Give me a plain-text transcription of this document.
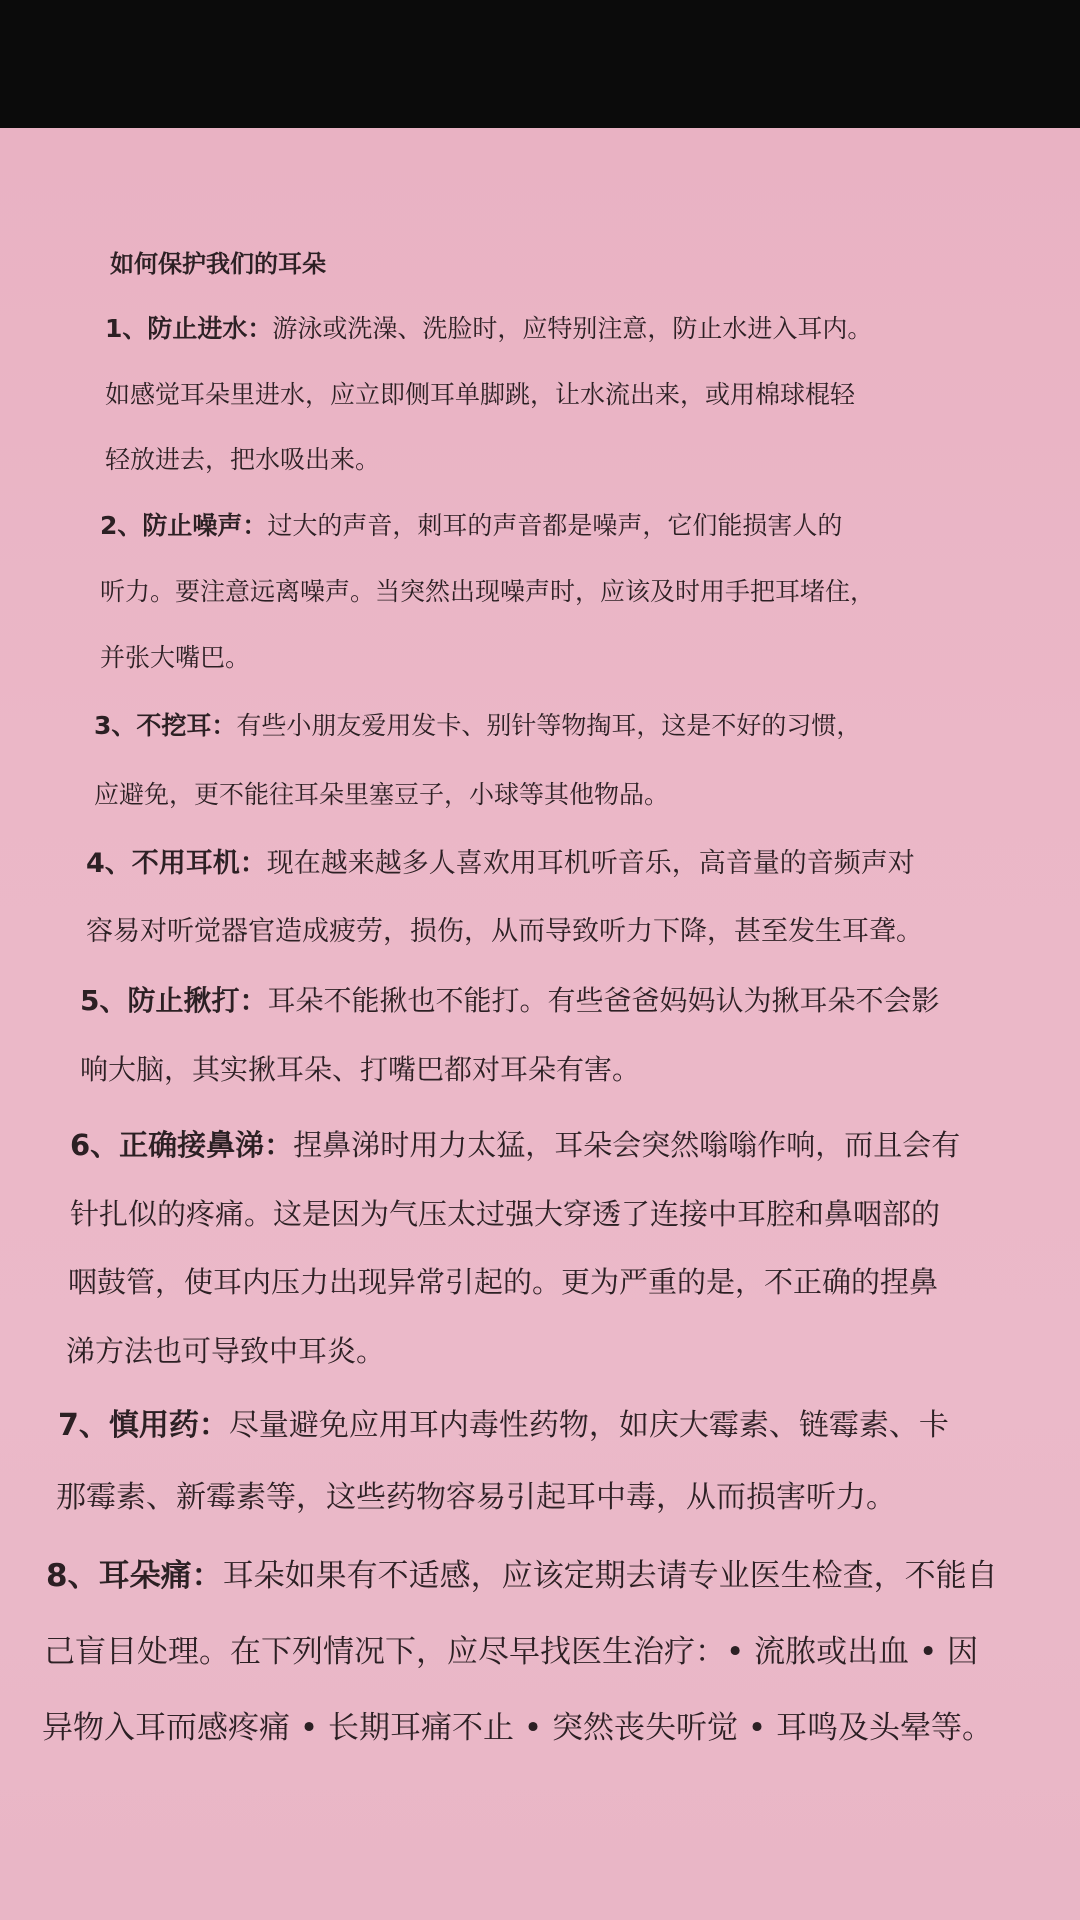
如何保护我们的耳朵
1、防止进水：游泳或洗澡、洗脸时，应特别注意，防止水进入耳内。
如感觉耳朵里进水，应立即侧耳单脚跳，让水流出来，或用棉球棍轻
轻放进去，把水吸出来。
2、防止噪声：过大的声音，刺耳的声音都是噪声，它们能损害人的
听力。要注意远离噪声。当突然出现噪声时，应该及时用手把耳堵住，
并张大嘴巴。
3、不挖耳：有些小朋友爱用发卡、别针等物掏耳，这是不好的习惯，
应避免，更不能往耳朵里塞豆子，小球等其他物品。
4、不用耳机：现在越来越多人喜欢用耳机听音乐，高音量的音频声对
容易对听觉器官造成疲劳，损伤，从而导致听力下降，甚至发生耳聋。
5、防止揪打：耳朵不能揪也不能打。有些爸爸妈妈认为揪耳朵不会影
响大脑，其实揪耳朵、打嘴巴都对耳朵有害。
6、正确接鼻涕：捏鼻涕时用力太猛，耳朵会突然嗡嗡作响，而且会有
针扎似的疼痛。这是因为气压太过强大穿透了连接中耳腔和鼻咽部的
咽鼓管，使耳内压力出现异常引起的。更为严重的是，不正确的捏鼻
涕方法也可导致中耳炎。
7、慎用药：尽量避免应用耳内毒性药物，如庆大霉素、链霉素、卡
那霉素、新霉素等，这些药物容易引起耳中毒，从而损害听力。
8、耳朵痛：耳朵如果有不适感，应该定期去请专业医生检查，不能自
己盲目处理。在下列情况下，应尽早找医生治疗：• 流脓或出血 • 因
异物入耳而感疼痛 • 长期耳痛不止 • 突然丧失听觉 • 耳鸣及头晕等。
